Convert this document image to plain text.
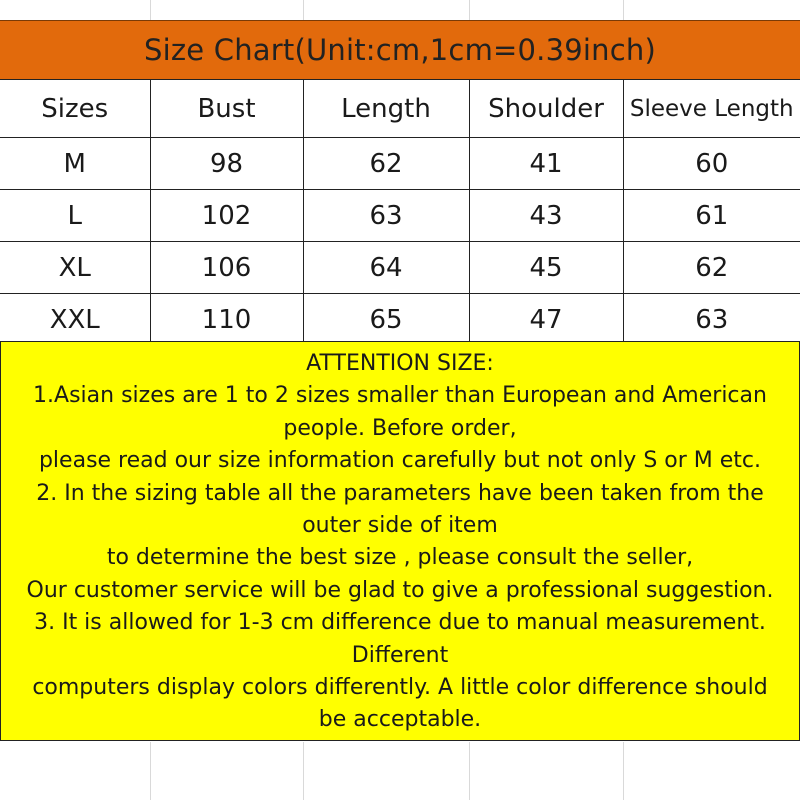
Size Chart(Unit:cm,1cm=0.39inch)
Sizes	Bust	Length	Shoulder	Sleeve Length
M	98	62	41	60
L	102	63	43	61
XL	106	64	45	62
XXL	110	65	47	63
ATTENTION SIZE:
1.Asian sizes are 1 to 2 sizes smaller than European and American
people. Before order,
please read our size information carefully but not only S or M etc.
2. In the sizing table all the parameters have been taken from the
outer side of item
to determine the best size , please consult the seller,
Our customer service will be glad to give a professional suggestion.
3. It is allowed for 1-3 cm difference due to manual measurement.
Different
computers display colors differently. A little color difference should
be acceptable.
